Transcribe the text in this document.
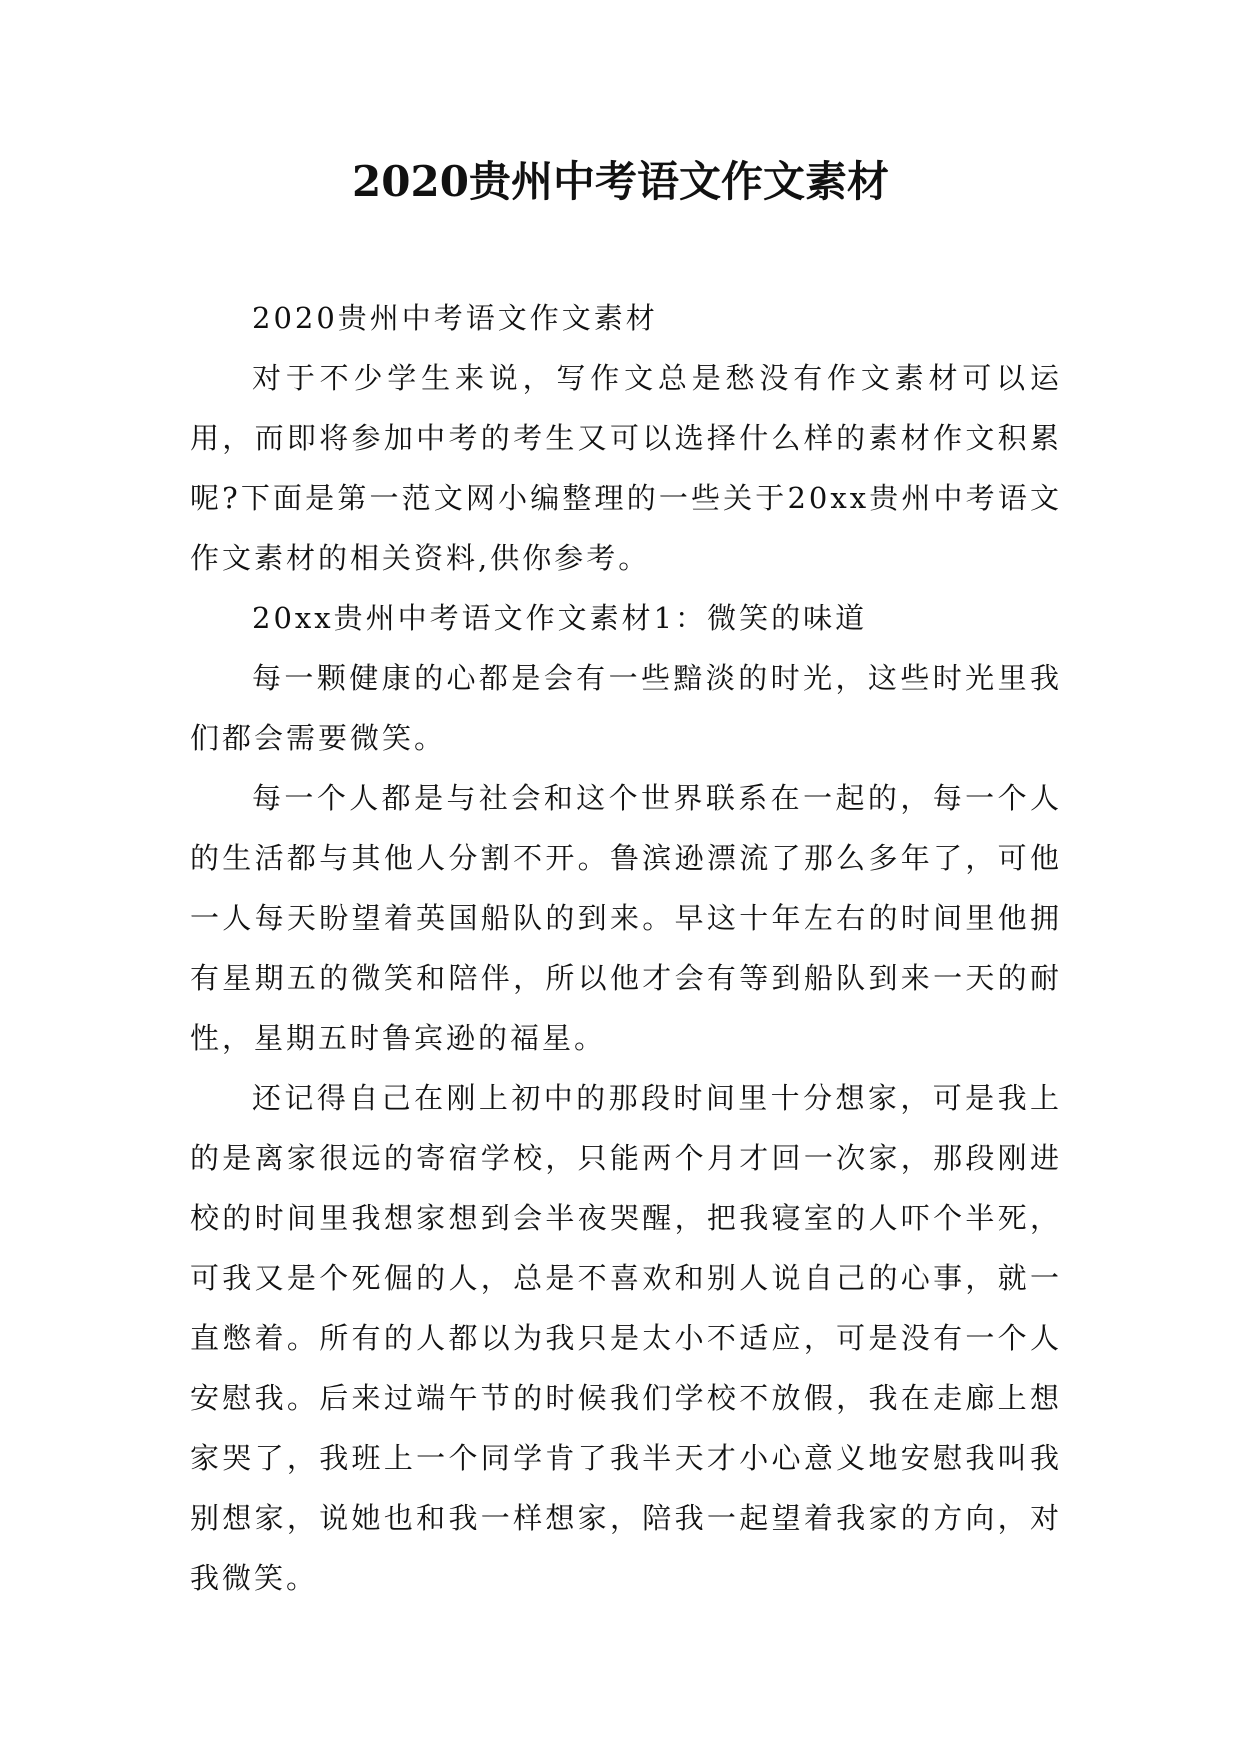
2020贵州中考语文作文素材

2020贵州中考语文作文素材

对于不少学生来说，写作文总是愁没有作文素材可以运用，而即将参加中考的考生又可以选择什么样的素材作文积累呢?下面是第一范文网小编整理的一些关于20xx贵州中考语文作文素材的相关资料,供你参考。

20xx贵州中考语文作文素材1：微笑的味道

每一颗健康的心都是会有一些黯淡的时光，这些时光里我们都会需要微笑。

每一个人都是与社会和这个世界联系在一起的，每一个人的生活都与其他人分割不开。鲁滨逊漂流了那么多年了，可他一人每天盼望着英国船队的到来。早这十年左右的时间里他拥有星期五的微笑和陪伴，所以他才会有等到船队到来一天的耐性，星期五时鲁宾逊的福星。

还记得自己在刚上初中的那段时间里十分想家，可是我上的是离家很远的寄宿学校，只能两个月才回一次家，那段刚进校的时间里我想家想到会半夜哭醒，把我寝室的人吓个半死，可我又是个死倔的人，总是不喜欢和别人说自己的心事，就一直憋着。所有的人都以为我只是太小不适应，可是没有一个人安慰我。后来过端午节的时候我们学校不放假，我在走廊上想家哭了，我班上一个同学肯了我半天才小心意义地安慰我叫我别想家，说她也和我一样想家，陪我一起望着我家的方向，对我微笑。
